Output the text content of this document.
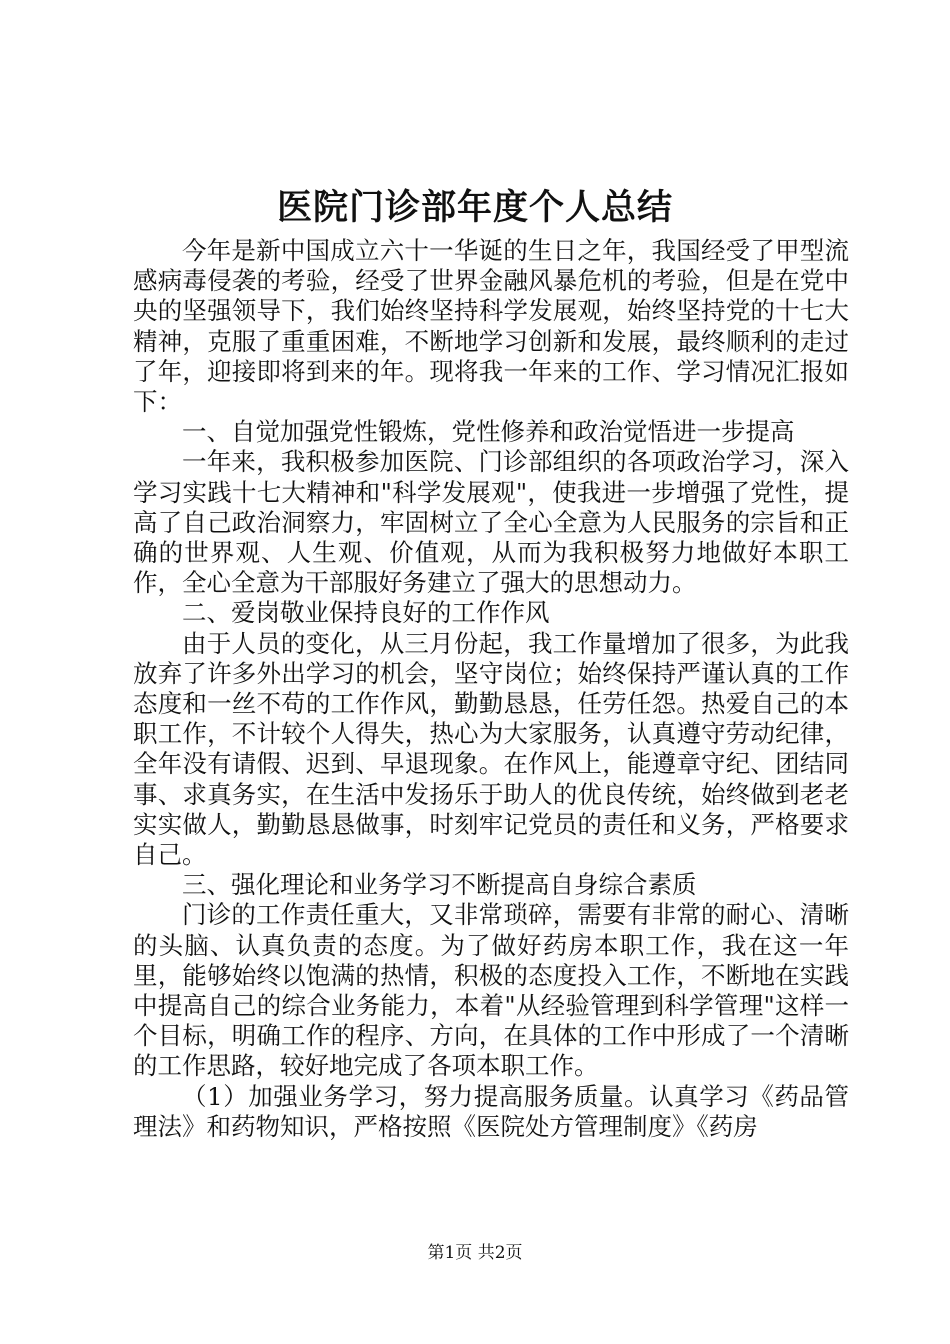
医院门诊部年度个人总结

今年是新中国成立六十一华诞的生日之年，我国经受了甲型流感病毒侵袭的考验，经受了世界金融风暴危机的考验，但是在党中央的坚强领导下，我们始终坚持科学发展观，始终坚持党的十七大精神，克服了重重困难，不断地学习创新和发展，最终顺利的走过了年，迎接即将到来的年。现将我一年来的工作、学习情况汇报如下：

一、自觉加强党性锻炼，党性修养和政治觉悟进一步提高

一年来，我积极参加医院、门诊部组织的各项政治学习，深入学习实践十七大精神和"科学发展观"，使我进一步增强了党性，提高了自己政治洞察力，牢固树立了全心全意为人民服务的宗旨和正确的世界观、人生观、价值观，从而为我积极努力地做好本职工作，全心全意为干部服好务建立了强大的思想动力。

二、爱岗敬业保持良好的工作作风

由于人员的变化，从三月份起，我工作量增加了很多，为此我放弃了许多外出学习的机会，坚守岗位；始终保持严谨认真的工作态度和一丝不苟的工作作风，勤勤恳恳，任劳任怨。热爱自己的本职工作，不计较个人得失，热心为大家服务，认真遵守劳动纪律，全年没有请假、迟到、早退现象。在作风上，能遵章守纪、团结同事、求真务实，在生活中发扬乐于助人的优良传统，始终做到老老实实做人，勤勤恳恳做事，时刻牢记党员的责任和义务，严格要求自己。

三、强化理论和业务学习不断提高自身综合素质

门诊的工作责任重大，又非常琐碎，需要有非常的耐心、清晰的头脑、认真负责的态度。为了做好药房本职工作，我在这一年里，能够始终以饱满的热情，积极的态度投入工作，不断地在实践中提高自己的综合业务能力，本着"从经验管理到科学管理"这样一个目标，明确工作的程序、方向，在具体的工作中形成了一个清晰的工作思路，较好地完成了各项本职工作。

（1）加强业务学习，努力提高服务质量。认真学习《药品管理法》和药物知识，严格按照《医院处方管理制度》《药房

第1页 共2页
